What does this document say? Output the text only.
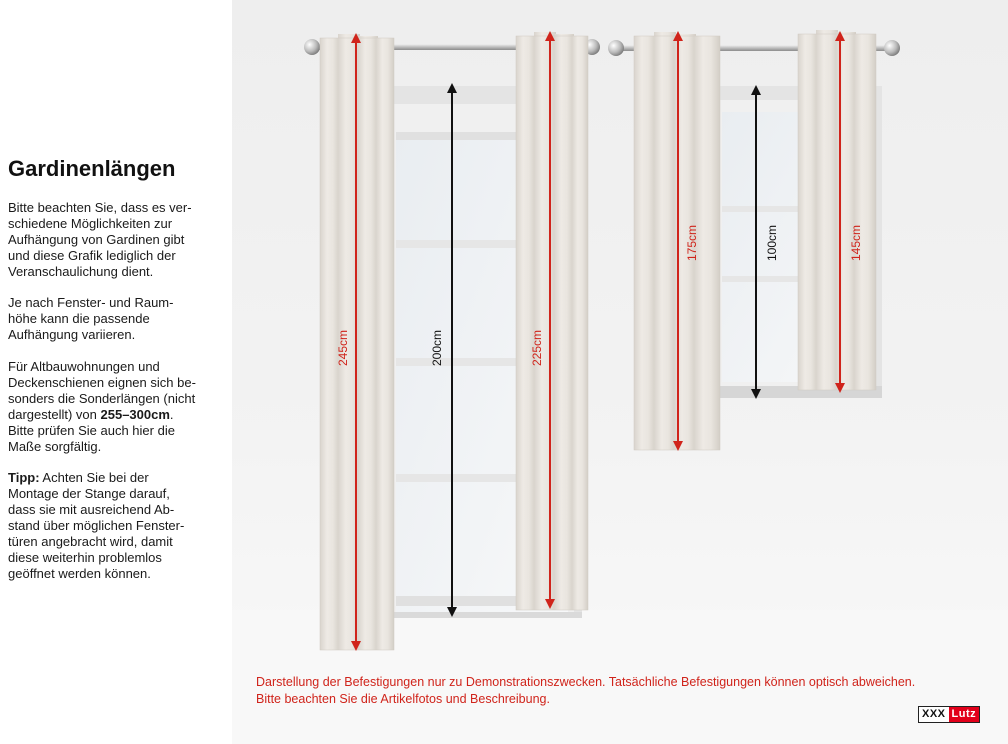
Gardinenlängen

Bitte beachten Sie, dass es ver-
schiedene Möglichkeiten zur
Aufhängung von Gardinen gibt
und diese Grafik lediglich der
Veranschaulichung dient.

Je nach Fenster- und Raum-
höhe kann die passende
Aufhängung variieren.

Für Altbauwohnungen und
Deckenschienen eignen sich be-
sonders die Sonderlängen (nicht
dargestellt) von 255–300cm.
Bitte prüfen Sie auch hier die
Maße sorgfältig.

Tipp: Achten Sie bei der
Montage der Stange darauf,
dass sie mit ausreichend Ab-
stand über möglichen Fenster-
türen angebracht wird, damit
diese weiterhin problemlos
geöffnet werden können.

245cm	200cm	225cm
175cm	100cm	145cm
Darstellung der Befestigungen nur zu Demonstrationszwecken. Tatsächliche Befestigungen können optisch abweichen.
Bitte beachten Sie die Artikelfotos und Beschreibung.
XXX Lutz
